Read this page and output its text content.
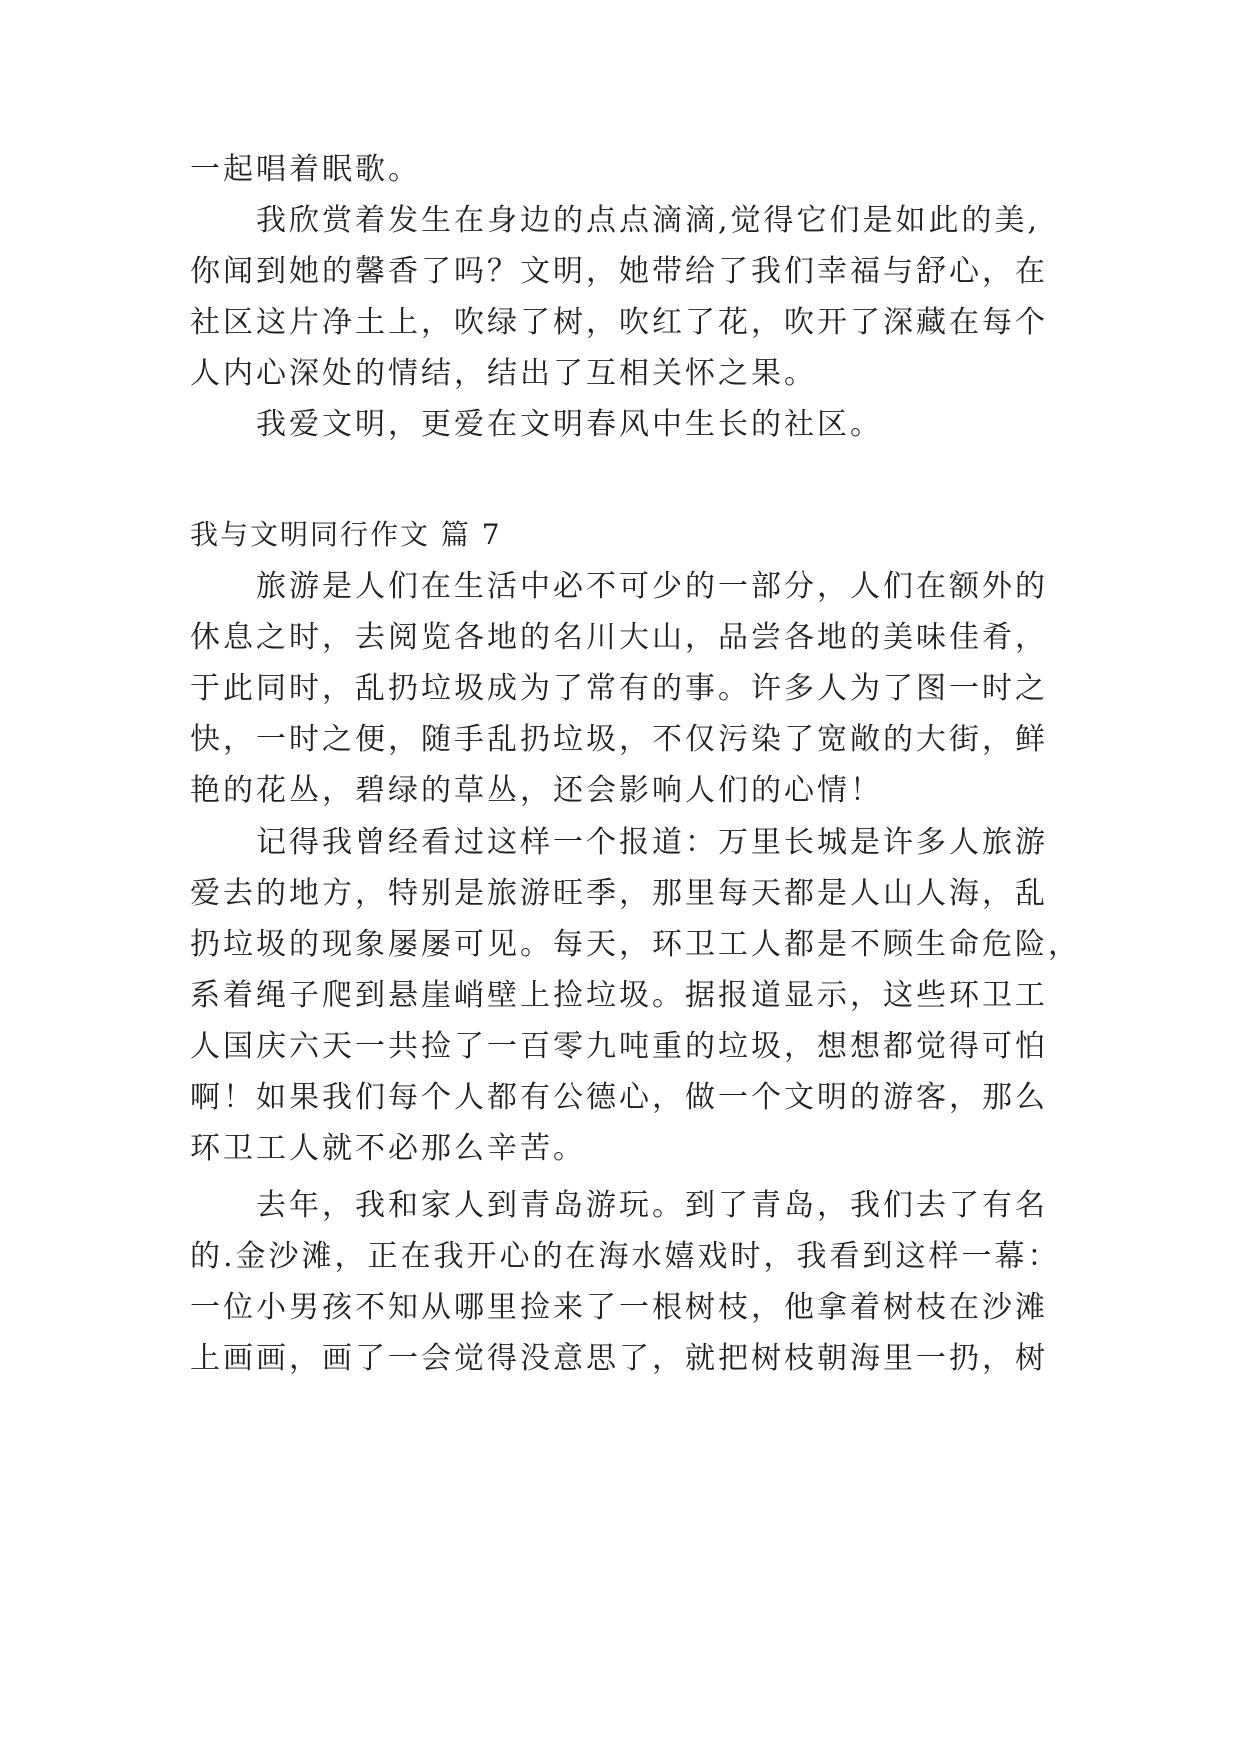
一起唱着眠歌。
我欣赏着发生在身边的点点滴滴,觉得它们是如此的美,
你闻到她的馨香了吗？文明，她带给了我们幸福与舒心，在
社区这片净土上，吹绿了树，吹红了花，吹开了深藏在每个
人内心深处的情结，结出了互相关怀之果。
我爱文明，更爱在文明春风中生长的社区。
我与文明同行作文 篇 7
旅游是人们在生活中必不可少的一部分，人们在额外的
休息之时，去阅览各地的名川大山，品尝各地的美味佳肴，
于此同时，乱扔垃圾成为了常有的事。许多人为了图一时之
快，一时之便，随手乱扔垃圾，不仅污染了宽敞的大街，鲜
艳的花丛，碧绿的草丛，还会影响人们的心情！
记得我曾经看过这样一个报道：万里长城是许多人旅游
爱去的地方，特别是旅游旺季，那里每天都是人山人海，乱
扔垃圾的现象屡屡可见。每天，环卫工人都是不顾生命危险，
系着绳子爬到悬崖峭壁上捡垃圾。据报道显示，这些环卫工
人国庆六天一共捡了一百零九吨重的垃圾，想想都觉得可怕
啊！如果我们每个人都有公德心，做一个文明的游客，那么
环卫工人就不必那么辛苦。
去年，我和家人到青岛游玩。到了青岛，我们去了有名
的.金沙滩，正在我开心的在海水嬉戏时，我看到这样一幕：
一位小男孩不知从哪里捡来了一根树枝，他拿着树枝在沙滩
上画画，画了一会觉得没意思了，就把树枝朝海里一扔，树
